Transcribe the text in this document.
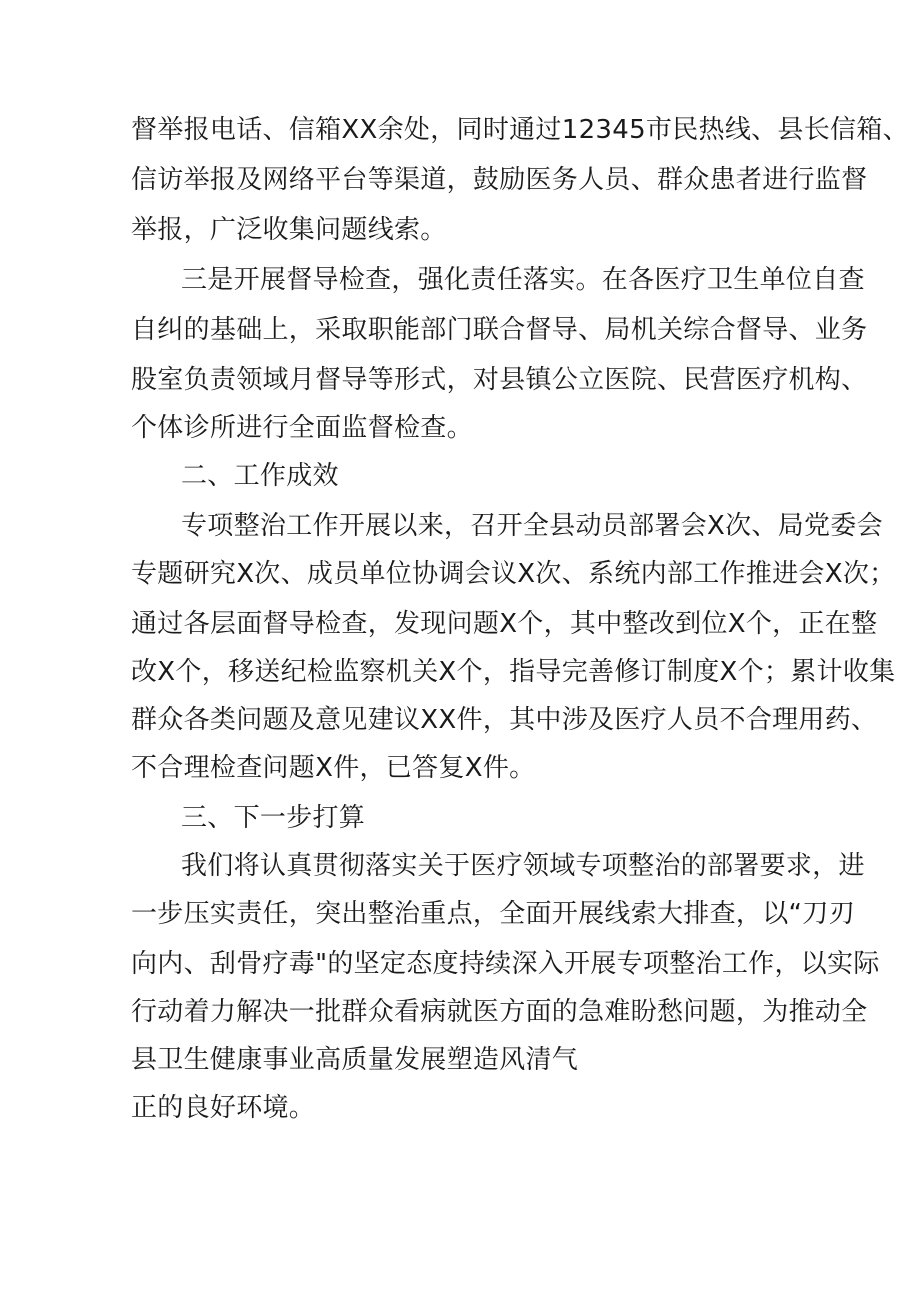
督举报电话、信箱XX余处，同时通过12345市民热线、县长信箱、
信访举报及网络平台等渠道，鼓励医务人员、群众患者进行监督
举报，广泛收集问题线索。
三是开展督导检查，强化责任落实。在各医疗卫生单位自查
自纠的基础上，采取职能部门联合督导、局机关综合督导、业务
股室负责领域月督导等形式，对县镇公立医院、民营医疗机构、
个体诊所进行全面监督检查。
二、工作成效
专项整治工作开展以来，召开全县动员部署会X次、局党委会
专题研究X次、成员单位协调会议X次、系统内部工作推进会X次；
通过各层面督导检查，发现问题X个，其中整改到位X个，正在整
改X个，移送纪检监察机关X个，指导完善修订制度X个；累计收集
群众各类问题及意见建议XX件，其中涉及医疗人员不合理用药、
不合理检查问题X件，已答复X件。
三、下一步打算
我们将认真贯彻落实关于医疗领域专项整治的部署要求，进
一步压实责任，突出整治重点，全面开展线索大排查，以“刀刃
向内、刮骨疗毒"的坚定态度持续深入开展专项整治工作，以实际
行动着力解决一批群众看病就医方面的急难盼愁问题，为推动全
县卫生健康事业高质量发展塑造风清气
正的良好环境。
